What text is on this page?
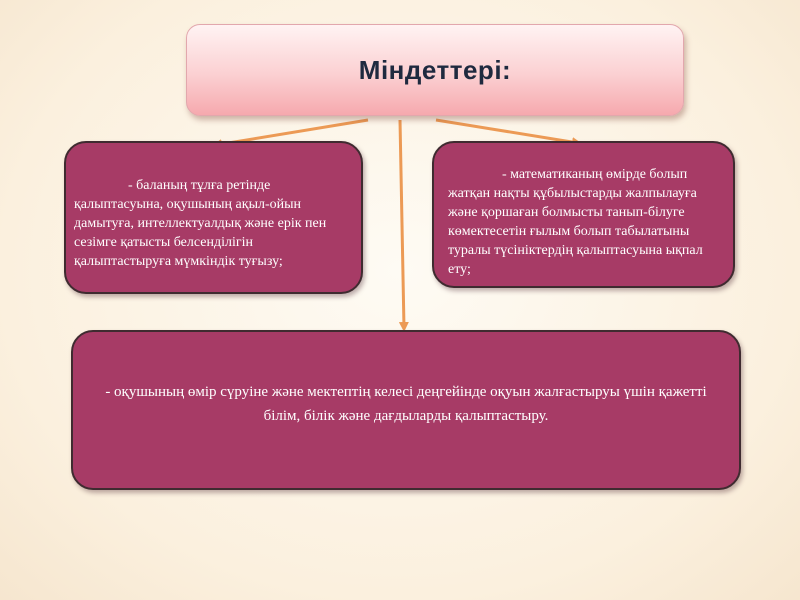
Міндеттері:

- баланың тұлға ретінде қалыптасуына, оқушының ақыл-ойын дамытуға, интеллектуалдық және ерік пен сезімге қатысты белсенділігін қалыптастыруға мүмкіндік туғызу;

- математиканың өмірде болып жатқан нақты құбылыстарды жалпылауға және қоршаған болмысты танып-білуге көмектесетін ғылым болып табылатыны туралы түсініктердің қалыптасуына ықпал ету;

- оқушының өмір сүруіне және мектептің келесі деңгейінде оқуын жалғастыруы үшін қажетті білім, білік және дағдыларды қалыптастыру.
